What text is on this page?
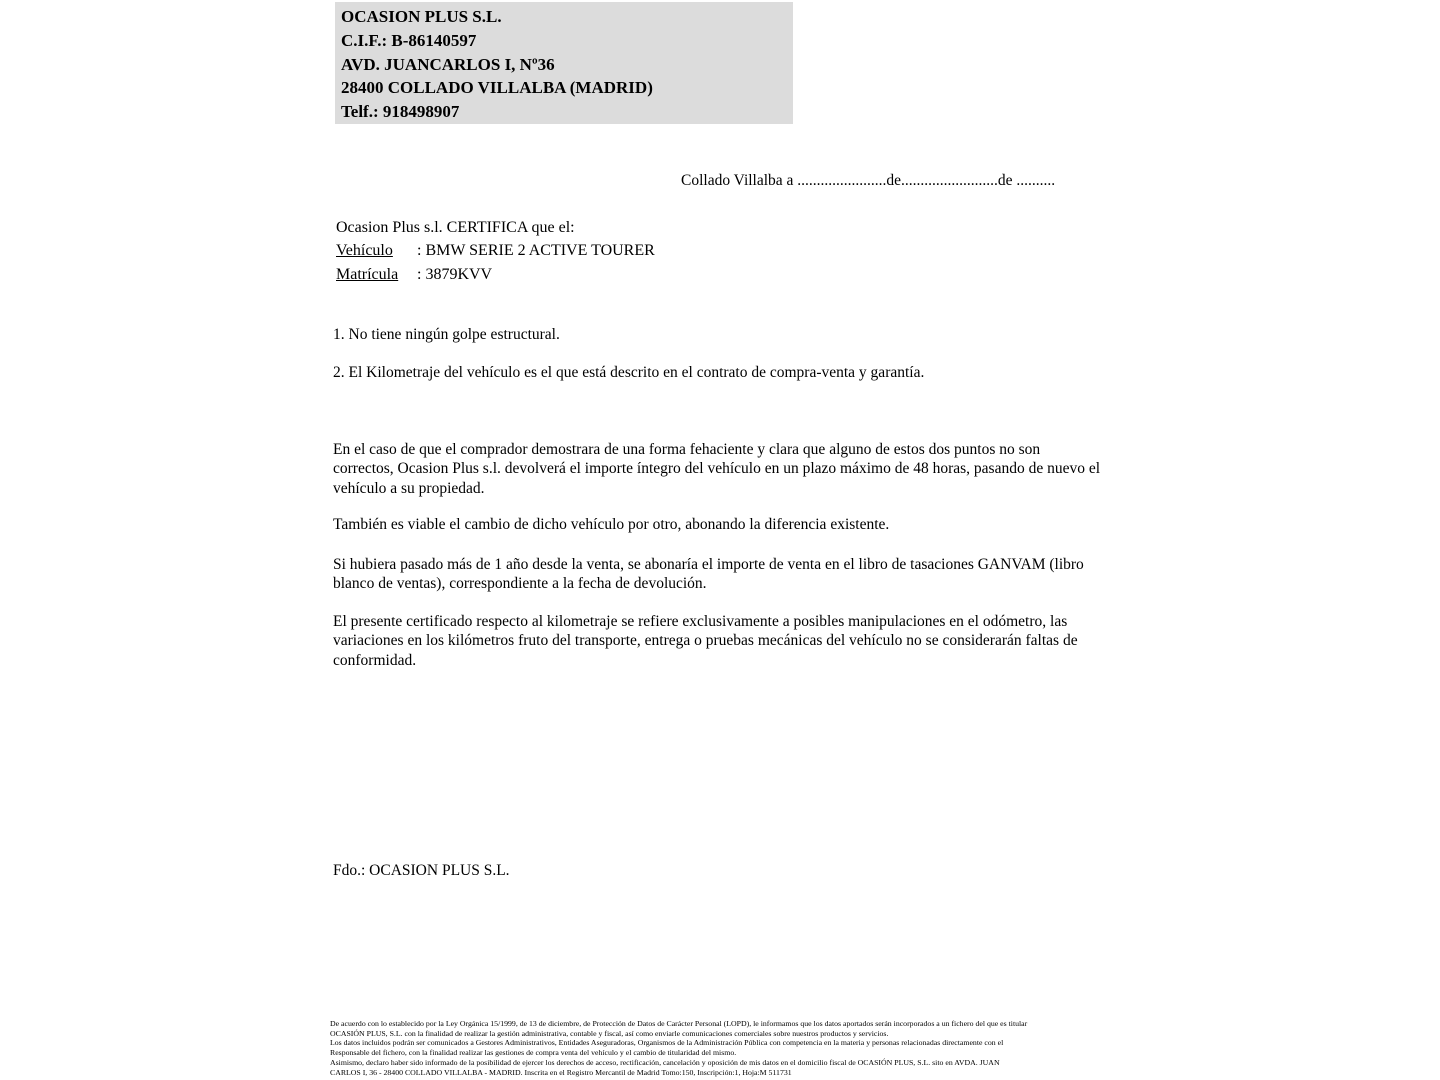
OCASION PLUS S.L.
C.I.F.: B-86140597
AVD. JUANCARLOS I, Nº36
28400 COLLADO VILLALBA (MADRID)
Telf.: 918498907
Collado Villalba a .......................de.........................de ..........
Ocasion Plus s.l. CERTIFICA que el:
Vehículo : BMW SERIE 2 ACTIVE TOURER
Matrícula : 3879KVV
1. No tiene ningún golpe estructural.
2. El Kilometraje del vehículo es el que está descrito en el contrato de compra-venta y garantía.
En el caso de que el comprador demostrara de una forma fehaciente y clara que alguno de estos dos puntos no son correctos, Ocasion Plus s.l. devolverá el importe íntegro del vehículo en un plazo máximo de 48 horas, pasando de nuevo el vehículo a su propiedad.
También es viable el cambio de dicho vehículo por otro, abonando la diferencia existente.
Si hubiera pasado más de 1 año desde la venta, se abonaría el importe de venta en el libro de tasaciones GANVAM (libro blanco de ventas), correspondiente a la fecha de devolución.
El presente certificado respecto al kilometraje se refiere exclusivamente a posibles manipulaciones en el odómetro, las variaciones en los kilómetros fruto del transporte, entrega o pruebas mecánicas del vehículo no se considerarán faltas de conformidad.
Fdo.: OCASION PLUS S.L.
De acuerdo con lo establecido por la Ley Orgánica 15/1999, de 13 de diciembre, de Protección de Datos de Carácter Personal (LOPD), le informamos que los datos aportados serán incorporados a un fichero del que es titular
OCASIÓN PLUS, S.L. con la finalidad de realizar la gestión administrativa, contable y fiscal, así como enviarle comunicaciones comerciales sobre nuestros productos y servicios.
Los datos incluidos podrán ser comunicados a Gestores Administrativos, Entidades Aseguradoras, Organismos de la Administración Pública con competencia en la materia y personas relacionadas directamente con el
Responsable del fichero, con la finalidad realizar las gestiones de compra venta del vehículo y el cambio de titularidad del mismo.
Asimismo, declaro haber sido informado de la posibilidad de ejercer los derechos de acceso, rectificación, cancelación y oposición de mis datos en el domicilio fiscal de OCASIÓN PLUS, S.L. sito en AVDA. JUAN
CARLOS I, 36 - 28400 COLLADO VILLALBA - MADRID. Inscrita en el Registro Mercantil de Madrid Tomo:150, Inscripción:1, Hoja:M 511731
